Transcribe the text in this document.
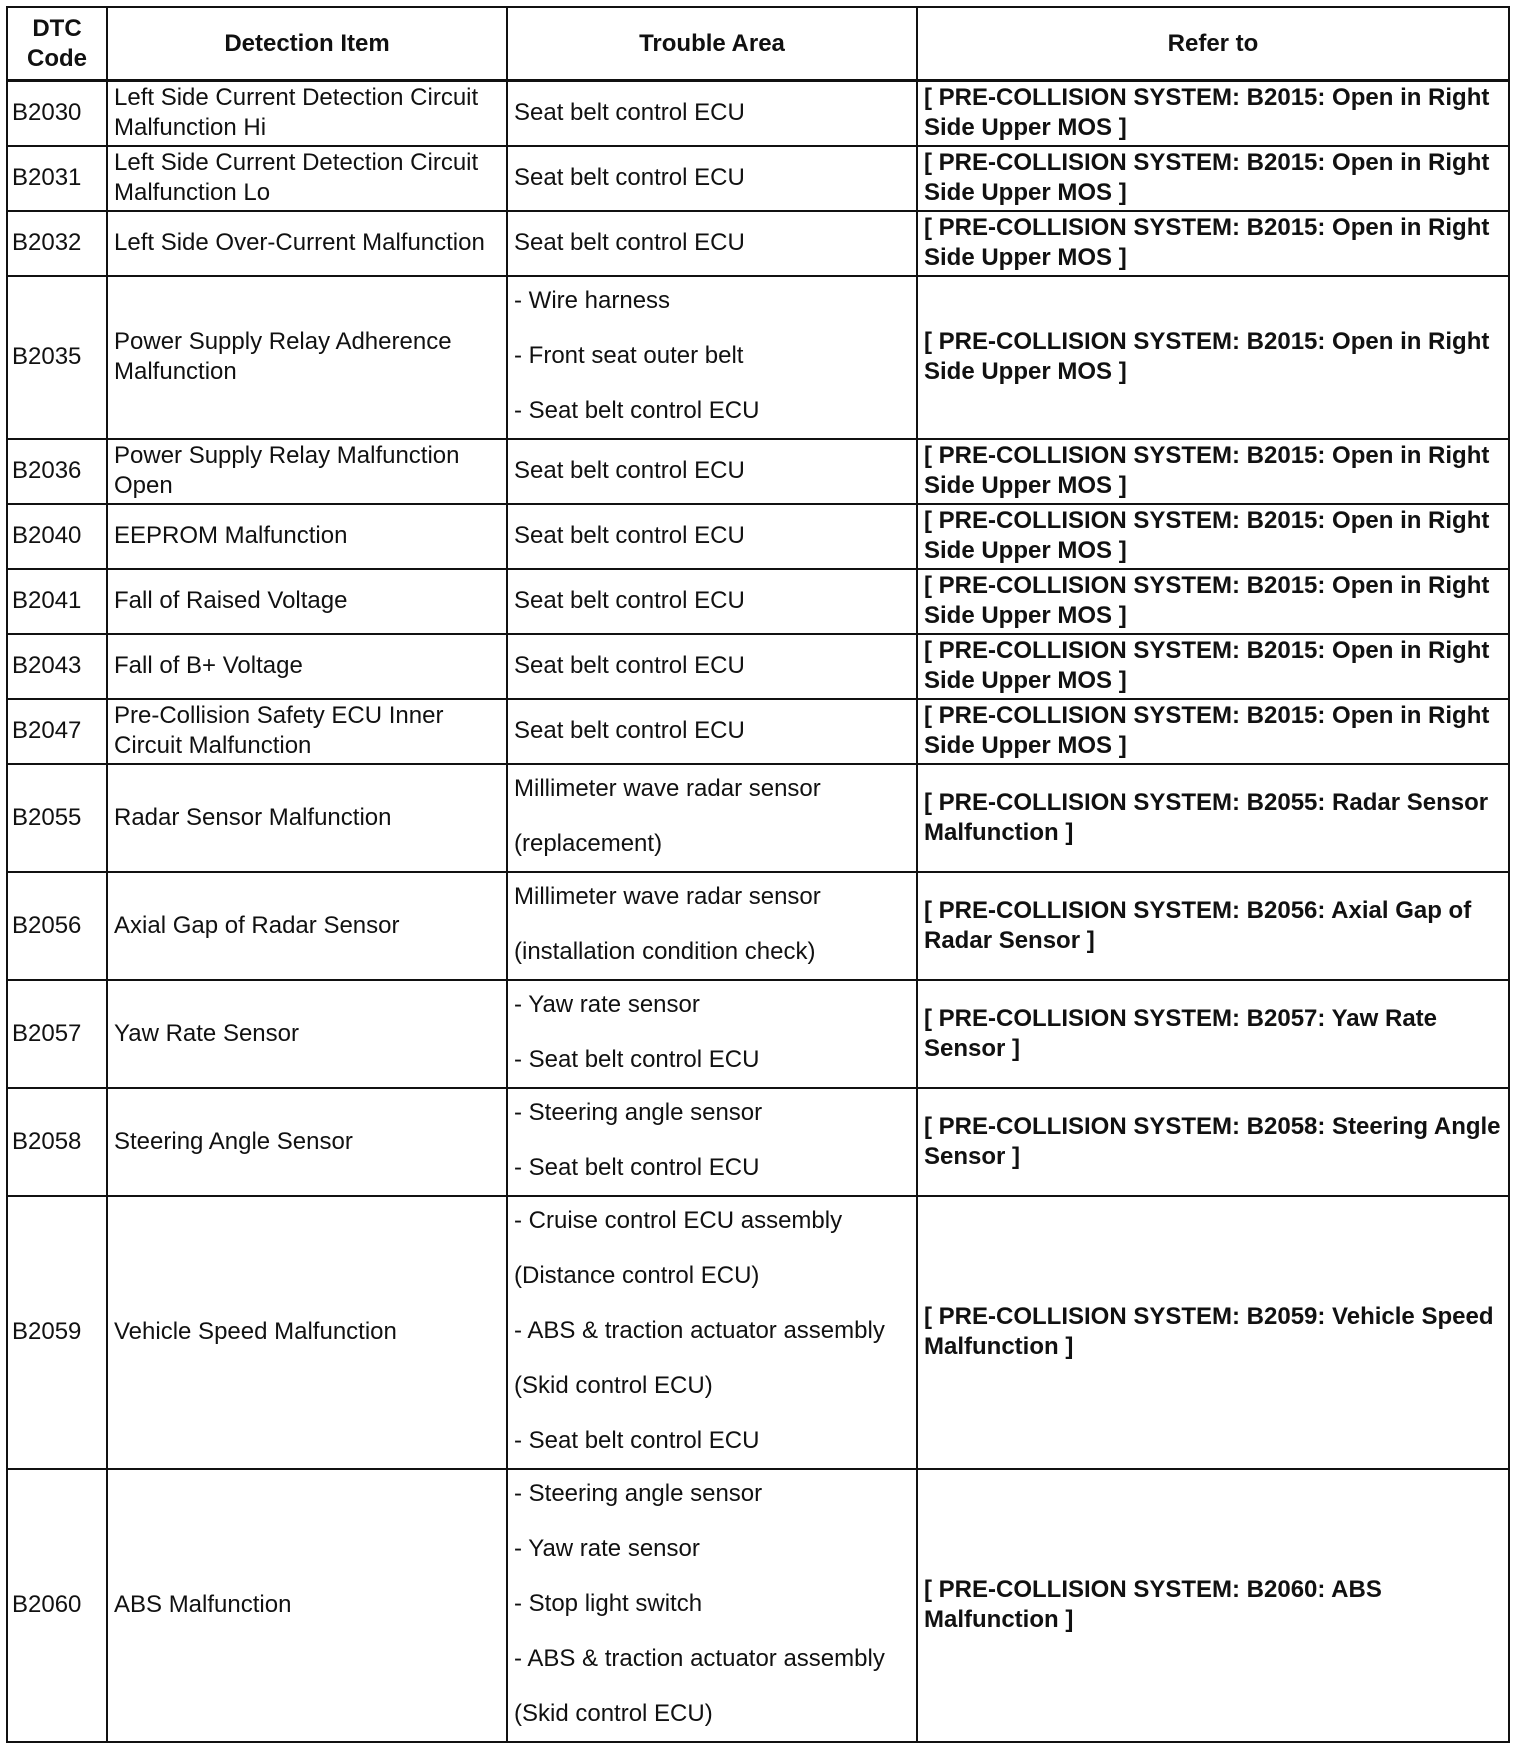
DTC Code	Detection Item	Trouble Area	Refer to
B2030	Left Side Current Detection Circuit Malfunction Hi	Seat belt control ECU	[ PRE-COLLISION SYSTEM: B2015: Open in Right Side Upper MOS ]
B2031	Left Side Current Detection Circuit Malfunction Lo	Seat belt control ECU	[ PRE-COLLISION SYSTEM: B2015: Open in Right Side Upper MOS ]
B2032	Left Side Over-Current Malfunction	Seat belt control ECU	[ PRE-COLLISION SYSTEM: B2015: Open in Right Side Upper MOS ]
B2035	Power Supply Relay Adherence Malfunction	- Wire harness
- Front seat outer belt
- Seat belt control ECU	[ PRE-COLLISION SYSTEM: B2015: Open in Right Side Upper MOS ]
B2036	Power Supply Relay Malfunction Open	Seat belt control ECU	[ PRE-COLLISION SYSTEM: B2015: Open in Right Side Upper MOS ]
B2040	EEPROM Malfunction	Seat belt control ECU	[ PRE-COLLISION SYSTEM: B2015: Open in Right Side Upper MOS ]
B2041	Fall of Raised Voltage	Seat belt control ECU	[ PRE-COLLISION SYSTEM: B2015: Open in Right Side Upper MOS ]
B2043	Fall of B+ Voltage	Seat belt control ECU	[ PRE-COLLISION SYSTEM: B2015: Open in Right Side Upper MOS ]
B2047	Pre-Collision Safety ECU Inner Circuit Malfunction	Seat belt control ECU	[ PRE-COLLISION SYSTEM: B2015: Open in Right Side Upper MOS ]
B2055	Radar Sensor Malfunction	Millimeter wave radar sensor
(replacement)	[ PRE-COLLISION SYSTEM: B2055: Radar Sensor Malfunction ]
B2056	Axial Gap of Radar Sensor	Millimeter wave radar sensor
(installation condition check)	[ PRE-COLLISION SYSTEM: B2056: Axial Gap of Radar Sensor ]
B2057	Yaw Rate Sensor	- Yaw rate sensor
- Seat belt control ECU	[ PRE-COLLISION SYSTEM: B2057: Yaw Rate Sensor ]
B2058	Steering Angle Sensor	- Steering angle sensor
- Seat belt control ECU	[ PRE-COLLISION SYSTEM: B2058: Steering Angle Sensor ]
B2059	Vehicle Speed Malfunction	- Cruise control ECU assembly
(Distance control ECU)
- ABS & traction actuator assembly
(Skid control ECU)
- Seat belt control ECU	[ PRE-COLLISION SYSTEM: B2059: Vehicle Speed Malfunction ]
B2060	ABS Malfunction	- Steering angle sensor
- Yaw rate sensor
- Stop light switch
- ABS & traction actuator assembly
(Skid control ECU)	[ PRE-COLLISION SYSTEM: B2060: ABS Malfunction ]
